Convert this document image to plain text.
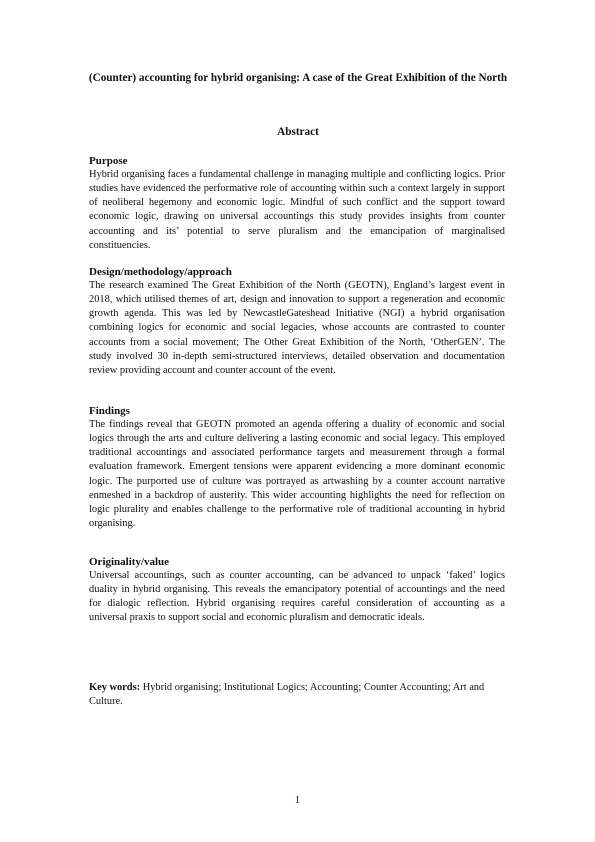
(Counter) accounting for hybrid organising: A case of the Great Exhibition of the North
Abstract
Purpose

Hybrid organising faces a fundamental challenge in managing multiple and conflicting logics. Prior studies have evidenced the performative role of accounting within such a context largely in support of neoliberal hegemony and economic logic. Mindful of such conflict and the support toward economic logic, drawing on universal accountings this study provides insights from counter accounting and its’ potential to serve pluralism and the emancipation of marginalised constituencies.

Design/methodology/approach

The research examined The Great Exhibition of the North (GEOTN), England’s largest event in 2018, which utilised themes of art, design and innovation to support a regeneration and economic growth agenda. This was led by NewcastleGateshead Initiative (NGI) a hybrid organisation combining logics for economic and social legacies, whose accounts are contrasted to counter accounts from a social movement; The Other Great Exhibition of the North, ‘OtherGEN’. The study involved 30 in-depth semi-structured interviews, detailed observation and documentation review providing account and counter account of the event.

Findings

The findings reveal that GEOTN promoted an agenda offering a duality of economic and social logics through the arts and culture delivering a lasting economic and social legacy. This employed traditional accountings and associated performance targets and measurement through a formal evaluation framework. Emergent tensions were apparent evidencing a more dominant economic logic. The purported use of culture was portrayed as artwashing by a counter account narrative enmeshed in a backdrop of austerity. This wider accounting highlights the need for reflection on logic plurality and enables challenge to the performative role of traditional accounting in hybrid organising.

Originality/value

Universal accountings, such as counter accounting, can be advanced to unpack ‘faked’ logics duality in hybrid organising. This reveals the emancipatory potential of accountings and the need for dialogic reflection. Hybrid organising requires careful consideration of accounting as a universal praxis to support social and economic pluralism and democratic ideals.

Key words: Hybrid organising; Institutional Logics; Accounting; Counter Accounting; Art and Culture.
1
